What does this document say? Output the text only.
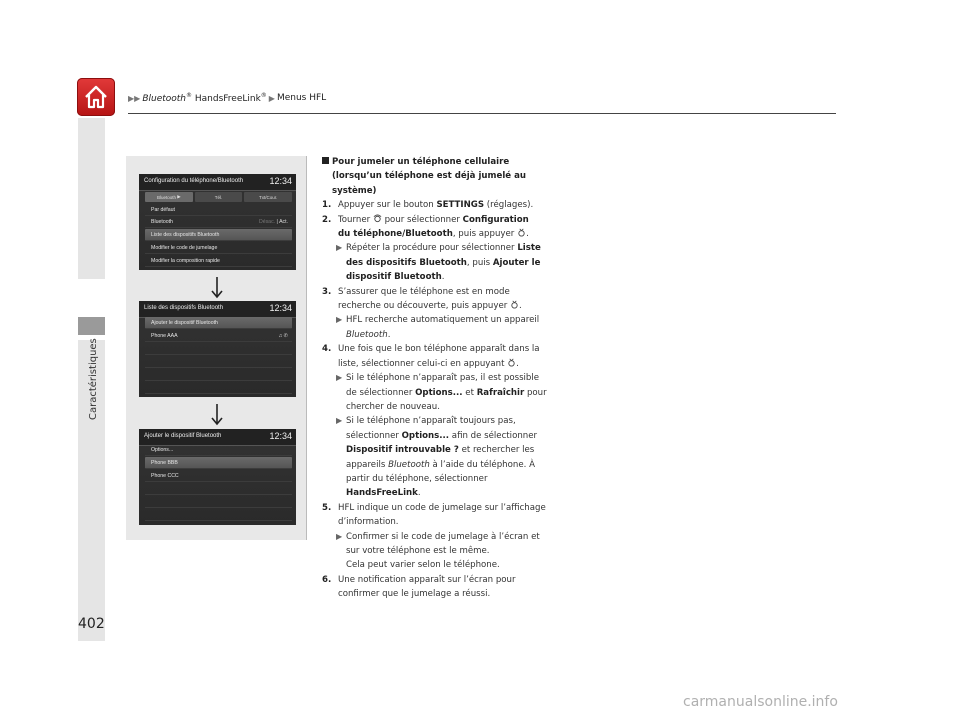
▶▶ Bluetooth® HandsFreeLink® ▶ Menus HFL
Caractéristiques
402
Configuration du téléphone/Bluetooth	12:34
Bluetooth ▶	Tél.	Txt/Cour.
Par défaut
Bluetooth	Désac. | Act.
Liste des dispositifs Bluetooth
Modifier le code de jumelage
Modifier la composition rapide
Liste des dispositifs Bluetooth	12:34
Ajouter le dispositif Bluetooth
Phone AAA	♫ ✆
Ajouter le dispositif Bluetooth	12:34
Options...
Phone BBB
Phone CCC
Pour jumeler un téléphone cellulaire
(lorsqu’un téléphone est déjà jumelé au
système)
1. Appuyer sur le bouton SETTINGS (réglages).
2. Tourner  pour sélectionner Configuration
du téléphone/Bluetooth, puis appuyer .
▶ Répéter la procédure pour sélectionner Liste
des dispositifs Bluetooth, puis Ajouter le
dispositif Bluetooth.
3. S’assurer que le téléphone est en mode
recherche ou découverte, puis appuyer .
▶ HFL recherche automatiquement un appareil
Bluetooth.
4. Une fois que le bon téléphone apparaît dans la
liste, sélectionner celui-ci en appuyant .
▶ Si le téléphone n’apparaît pas, il est possible
de sélectionner Options... et Rafraîchir pour
chercher de nouveau.
▶ Si le téléphone n’apparaît toujours pas,
sélectionner Options... afin de sélectionner
Dispositif introuvable ? et rechercher les
appareils Bluetooth à l’aide du téléphone. À
partir du téléphone, sélectionner
HandsFreeLink.
5. HFL indique un code de jumelage sur l’affichage
d’information.
▶ Confirmer si le code de jumelage à l’écran et
sur votre téléphone est le même.
Cela peut varier selon le téléphone.
6. Une notification apparaît sur l’écran pour
confirmer que le jumelage a réussi.
carmanualsonline.info
